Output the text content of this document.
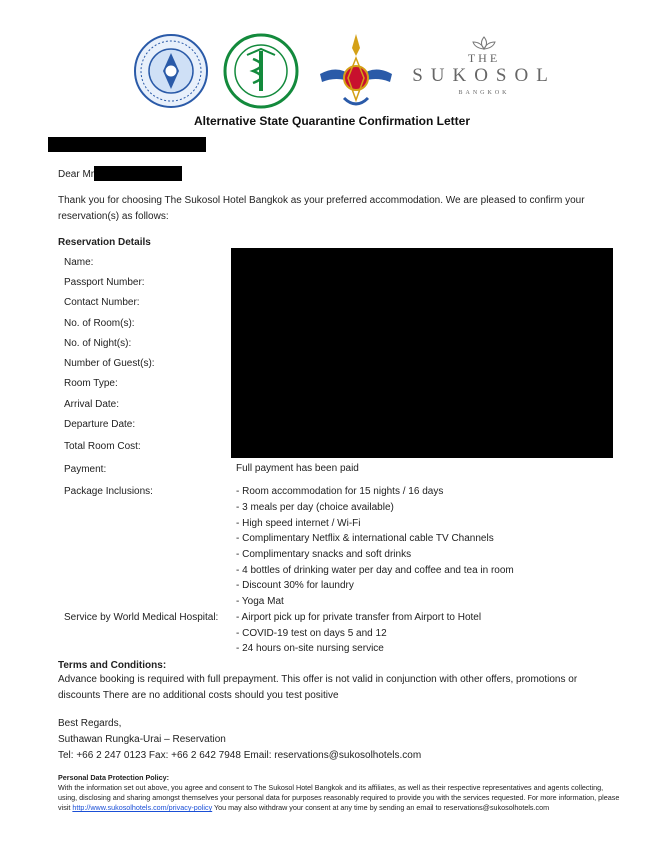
THE
SUKOSOL
BANGKOK
Alternative State Quarantine Confirmation Letter
Dear Mr
Thank you for choosing The Sukosol Hotel Bangkok as your preferred accommodation. We are pleased to confirm your reservation(s) as follows:
Reservation Details
Name:
Passport Number:
Contact Number:
No. of Room(s):
No. of Night(s):
Number of Guest(s):
Room Type:
Arrival Date:
Departure Date:
Total Room Cost:
Payment:	Full payment has been paid
Package Inclusions:	- Room accommodation for 15 nights / 16 days
- 3 meals per day (choice available)
- High speed internet / Wi-Fi
- Complimentary Netflix & international cable TV Channels
- Complimentary snacks and soft drinks
- 4 bottles of drinking water per day and coffee and tea in room
- Discount 30% for laundry
- Yoga Mat
Service by World Medical Hospital: - Airport pick up for private transfer from Airport to Hotel
- COVID-19 test on days 5 and 12
- 24 hours on-site nursing service
Terms and Conditions:
Advance booking is required with full prepayment. This offer is not valid in conjunction with other offers, promotions or discounts There are no additional costs should you test positive
Best Regards,
Suthawan Rungka-Urai – Reservation
Tel: +66 2 247 0123 Fax: +66 2 642 7948 Email: reservations@sukosolhotels.com
Personal Data Protection Policy:
With the information set out above, you agree and consent to The Sukosol Hotel Bangkok and its affiliates, as well as their respective representatives and agents collecting, using, disclosing and sharing amongst themselves your personal data for purposes reasonably required to provide you with the services requested. For more information, please visit http://www.sukosolhotels.com/privacy-policy You may also withdraw your consent at any time by sending an email to reservations@sukosolhotels.com
